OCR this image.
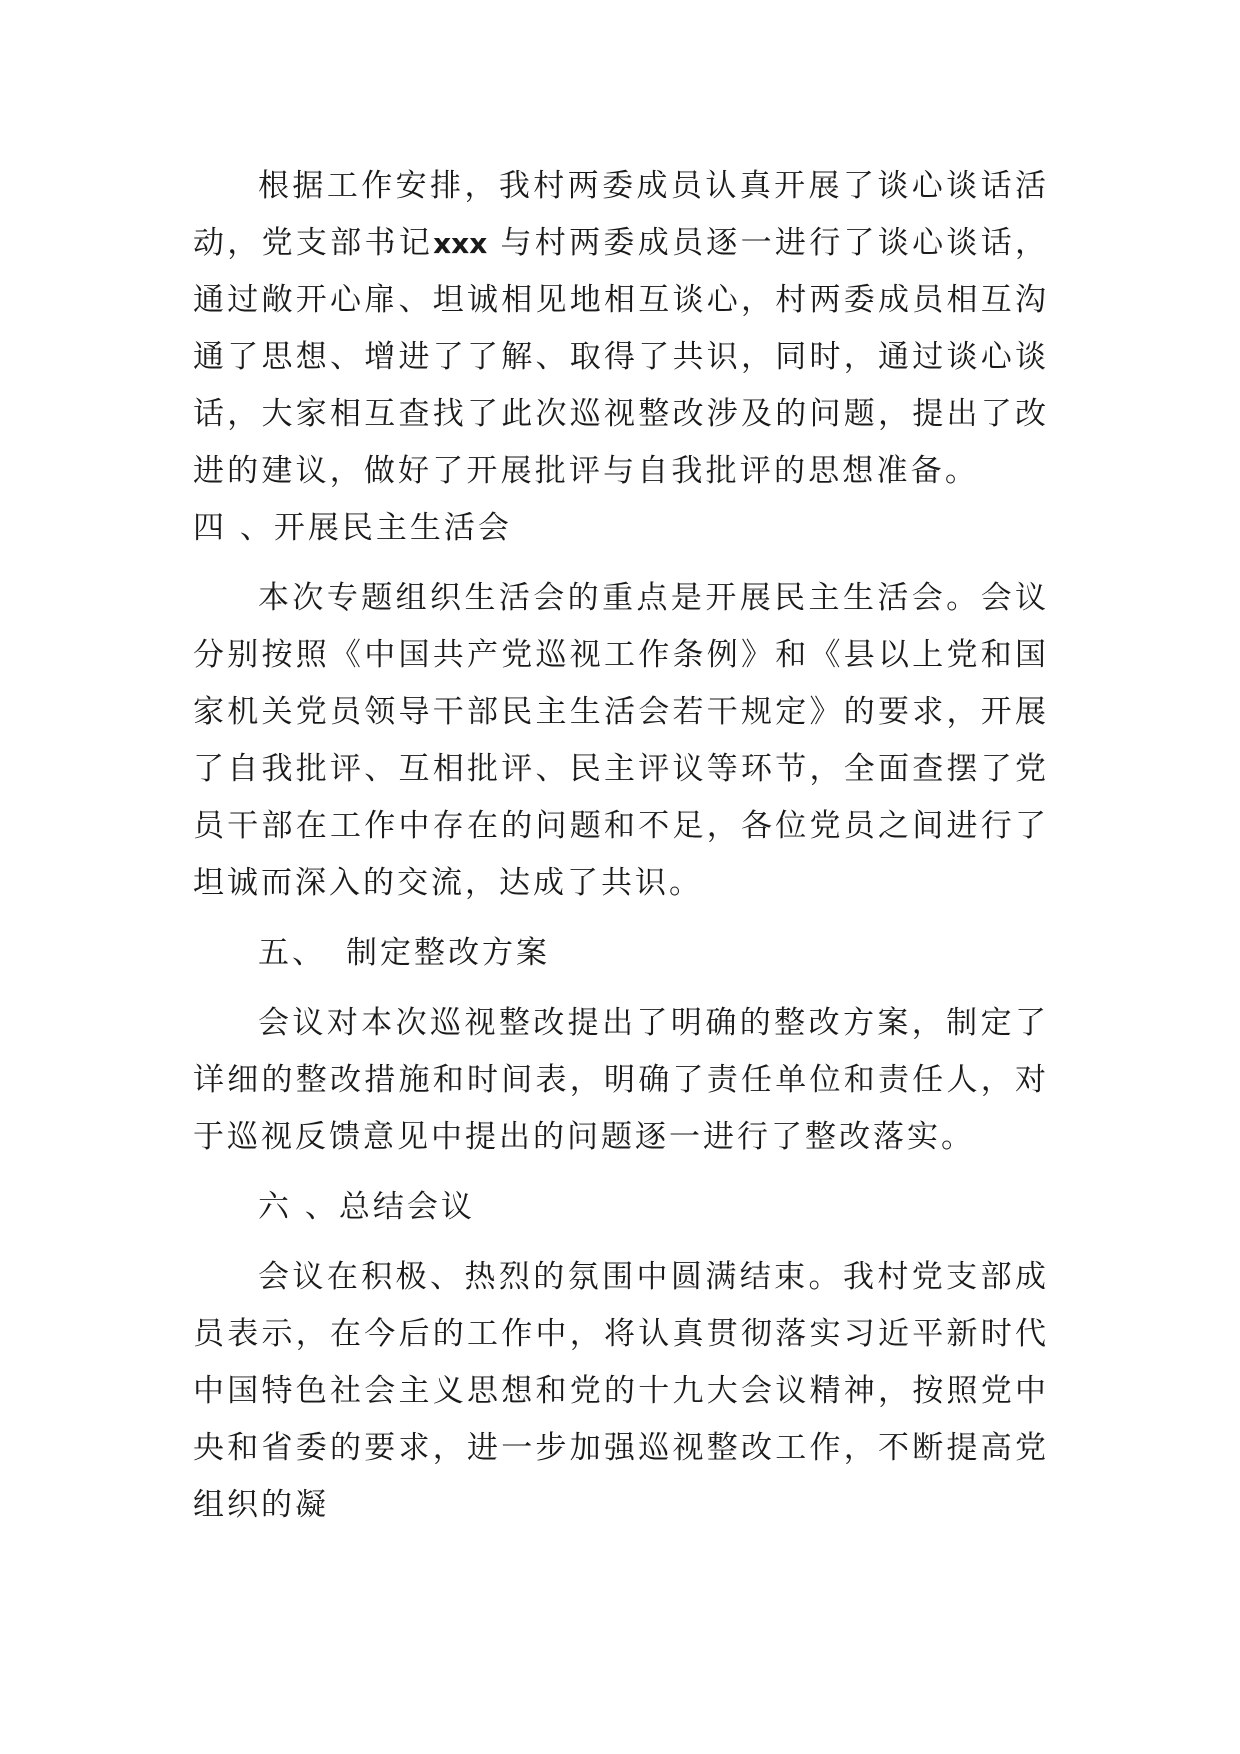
根据工作安排，我村两委成员认真开展了谈心谈话活动，党支部书记xxx 与村两委成员逐一进行了谈心谈话，通过敞开心扉、坦诚相见地相互谈心，村两委成员相互沟通了思想、增进了了解、取得了共识，同时，通过谈心谈话，大家相互查找了此次巡视整改涉及的问题，提出了改进的建议，做好了开展批评与自我批评的思想准备。四 、开展民主生活会

本次专题组织生活会的重点是开展民主生活会。会议分别按照《中国共产党巡视工作条例》和《县以上党和国家机关党员领导干部民主生活会若干规定》的要求，开展了自我批评、互相批评、民主评议等环节，全面查摆了党员干部在工作中存在的问题和不足，各位党员之间进行了坦诚而深入的交流，达成了共识。

五、 制定整改方案

会议对本次巡视整改提出了明确的整改方案，制定了详细的整改措施和时间表，明确了责任单位和责任人，对于巡视反馈意见中提出的问题逐一进行了整改落实。

六 、总结会议

会议在积极、热烈的氛围中圆满结束。我村党支部成员表示，在今后的工作中，将认真贯彻落实习近平新时代中国特色社会主义思想和党的十九大会议精神，按照党中央和省委的要求，进一步加强巡视整改工作，不断提高党组织的凝
